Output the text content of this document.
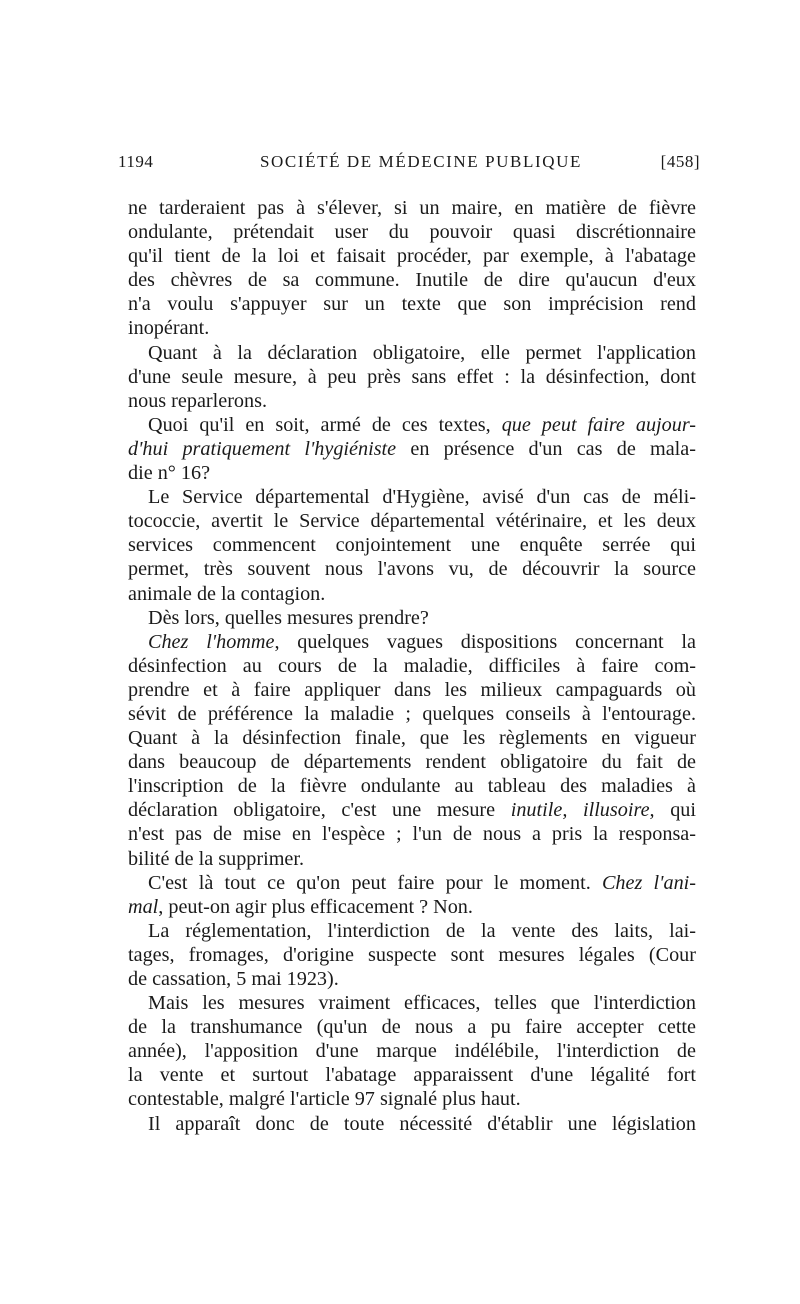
1194	SOCIÉTÉ DE MÉDECINE PUBLIQUE	[458]
ne tarderaient pas à s'élever, si un maire, en matière de fièvre
ondulante, prétendait user du pouvoir quasi discrétionnaire
qu'il tient de la loi et faisait procéder, par exemple, à l'abatage
des chèvres de sa commune. Inutile de dire qu'aucun d'eux
n'a voulu s'appuyer sur un texte que son imprécision rend
inopérant.
Quant à la déclaration obligatoire, elle permet l'application
d'une seule mesure, à peu près sans effet : la désinfection, dont
nous reparlerons.
Quoi qu'il en soit, armé de ces textes, que peut faire aujour-
d'hui pratiquement l'hygiéniste en présence d'un cas de mala-
die n° 16?
Le Service départemental d'Hygiène, avisé d'un cas de méli-
tococcie, avertit le Service départemental vétérinaire, et les deux
services commencent conjointement une enquête serrée qui
permet, très souvent nous l'avons vu, de découvrir la source
animale de la contagion.
Dès lors, quelles mesures prendre?
Chez l'homme, quelques vagues dispositions concernant la
désinfection au cours de la maladie, difficiles à faire com-
prendre et à faire appliquer dans les milieux campaguards où
sévit de préférence la maladie ; quelques conseils à l'entourage.
Quant à la désinfection finale, que les règlements en vigueur
dans beaucoup de départements rendent obligatoire du fait de
l'inscription de la fièvre ondulante au tableau des maladies à
déclaration obligatoire, c'est une mesure inutile, illusoire, qui
n'est pas de mise en l'espèce ; l'un de nous a pris la responsa-
bilité de la supprimer.
C'est là tout ce qu'on peut faire pour le moment. Chez l'ani-
mal, peut-on agir plus efficacement ? Non.
La réglementation, l'interdiction de la vente des laits, lai-
tages, fromages, d'origine suspecte sont mesures légales (Cour
de cassation, 5 mai 1923).
Mais les mesures vraiment efficaces, telles que l'interdiction
de la transhumance (qu'un de nous a pu faire accepter cette
année), l'apposition d'une marque indélébile, l'interdiction de
la vente et surtout l'abatage apparaissent d'une légalité fort
contestable, malgré l'article 97 signalé plus haut.
Il apparaît donc de toute nécessité d'établir une législation
